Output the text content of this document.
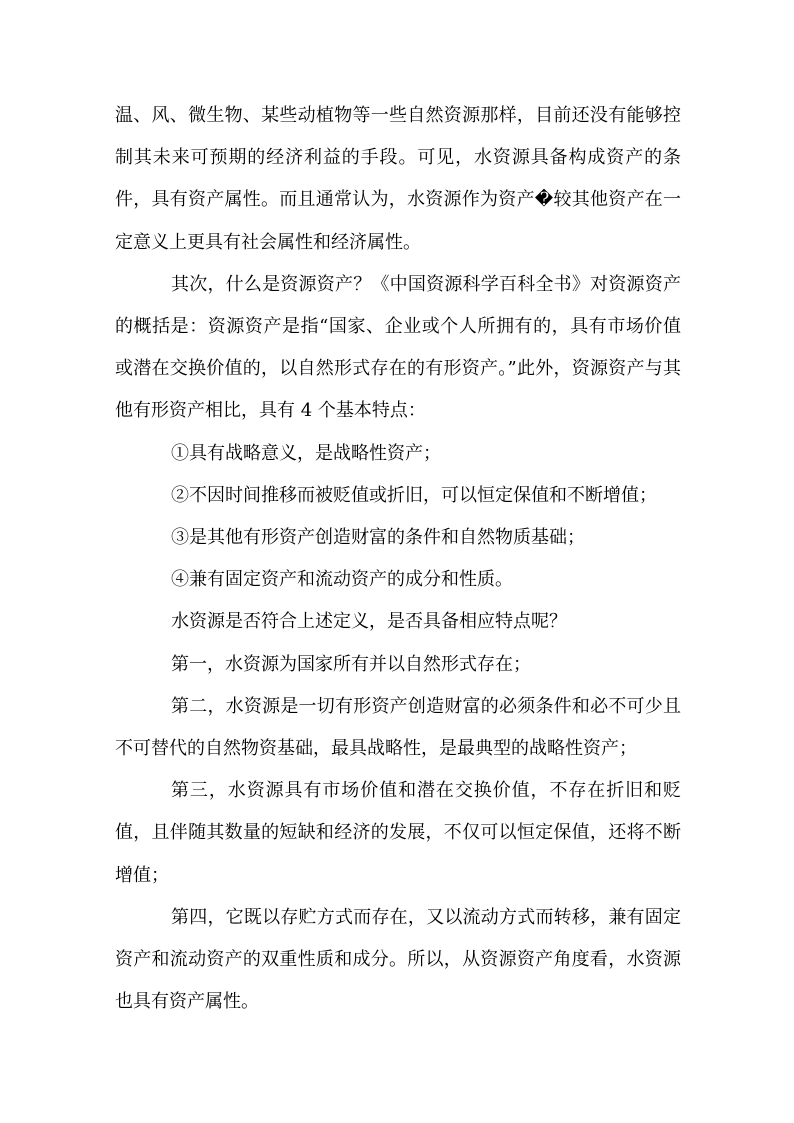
温、风、微生物、某些动植物等一些自然资源那样，目前还没有能够控制其未来可预期的经济利益的手段。可见，水资源具备构成资产的条件，具有资产属性。而且通常认为，水资源作为资产�较其他资产在一定意义上更具有社会属性和经济属性。

其次，什么是资源资产？《中国资源科学百科全书》对资源资产的概括是：资源资产是指“国家、企业或个人所拥有的，具有市场价值或潜在交换价值的，以自然形式存在的有形资产。”此外，资源资产与其他有形资产相比，具有 4 个基本特点：

①具有战略意义，是战略性资产；

②不因时间推移而被贬值或折旧，可以恒定保值和不断增值；

③是其他有形资产创造财富的条件和自然物质基础；

④兼有固定资产和流动资产的成分和性质。

水资源是否符合上述定义，是否具备相应特点呢？

第一，水资源为国家所有并以自然形式存在；

第二，水资源是一切有形资产创造财富的必须条件和必不可少且不可替代的自然物资基础，最具战略性，是最典型的战略性资产；

第三，水资源具有市场价值和潜在交换价值，不存在折旧和贬值，且伴随其数量的短缺和经济的发展，不仅可以恒定保值，还将不断增值；

第四，它既以存贮方式而存在，又以流动方式而转移，兼有固定资产和流动资产的双重性质和成分。所以，从资源资产角度看，水资源也具有资产属性。
